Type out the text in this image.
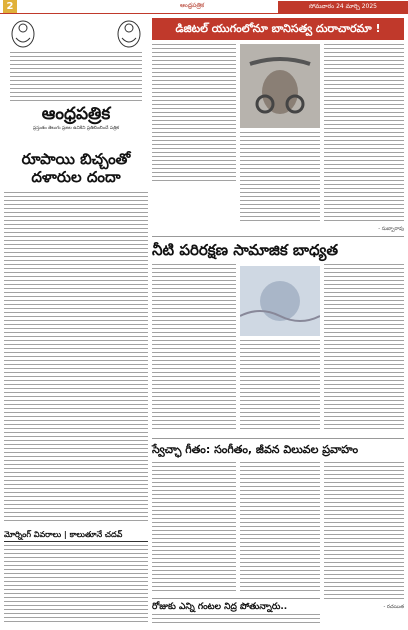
2	ఆంధ్రపత్రిక	సోమవారం 24 మార్చి 2025
ఆంధ్రపత్రిక
ప్రస్తుతం తెలుగు ప్రజల ఉనికిని ప్రతిబింబించే పత్రిక
రూపాయి బిచ్చంతో
దళారుల దందా
మోర్నింగ్ వివరాలు | కాలుతూనే చదవ్
డిజిటల్ యుగంలోనూ బానిసత్వ దురాచారమా !
- సుబ్బారావు
నీటి పరిరక్షణ సామాజిక బాధ్యత
స్వేచ్ఛా గీతం: సంగీతం, జీవన విలువల ప్రవాహం
- రచయిత
రోజుకు ఎన్ని గంటల నిద్ర పోతున్నారు..
